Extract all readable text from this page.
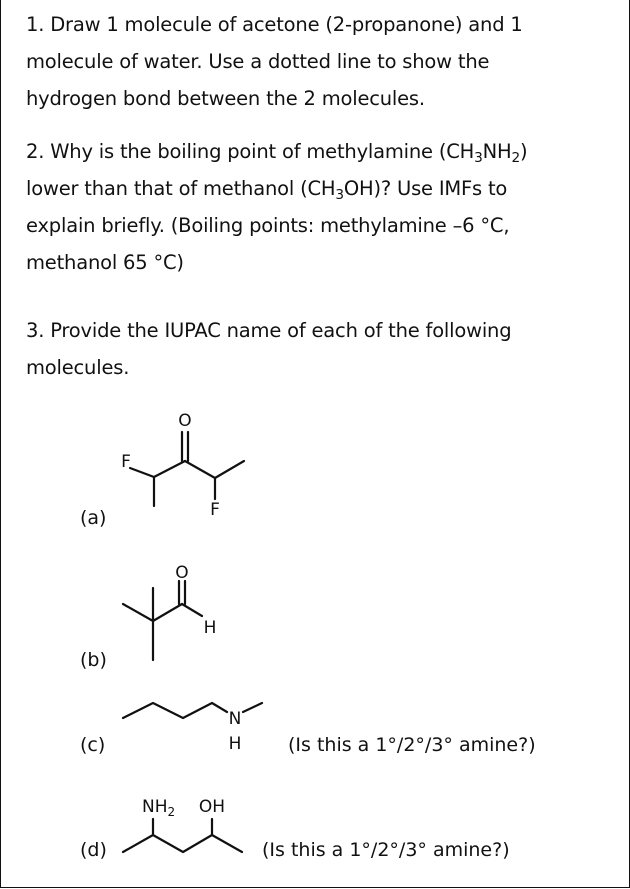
1. Draw 1 molecule of acetone (2-propanone) and 1

molecule of water. Use a dotted line to show the

hydrogen bond between the 2 molecules.

2. Why is the boiling point of methylamine $(CH_3NH_2)$

lower than that of methanol $(CH_3OH)$? Use IMFs to

explain briefly. (Boiling points: methylamine –6 °C,

methanol 65 °C)

3. Provide the IUPAC name of each of the following

molecules.

(a)
O
F
F
(b)
O
H
(c)
N
H (Is this a 1°/2°/3° amine?)
(d)
$NH_2$ OH
(Is this a 1°/2°/3° amine?)
